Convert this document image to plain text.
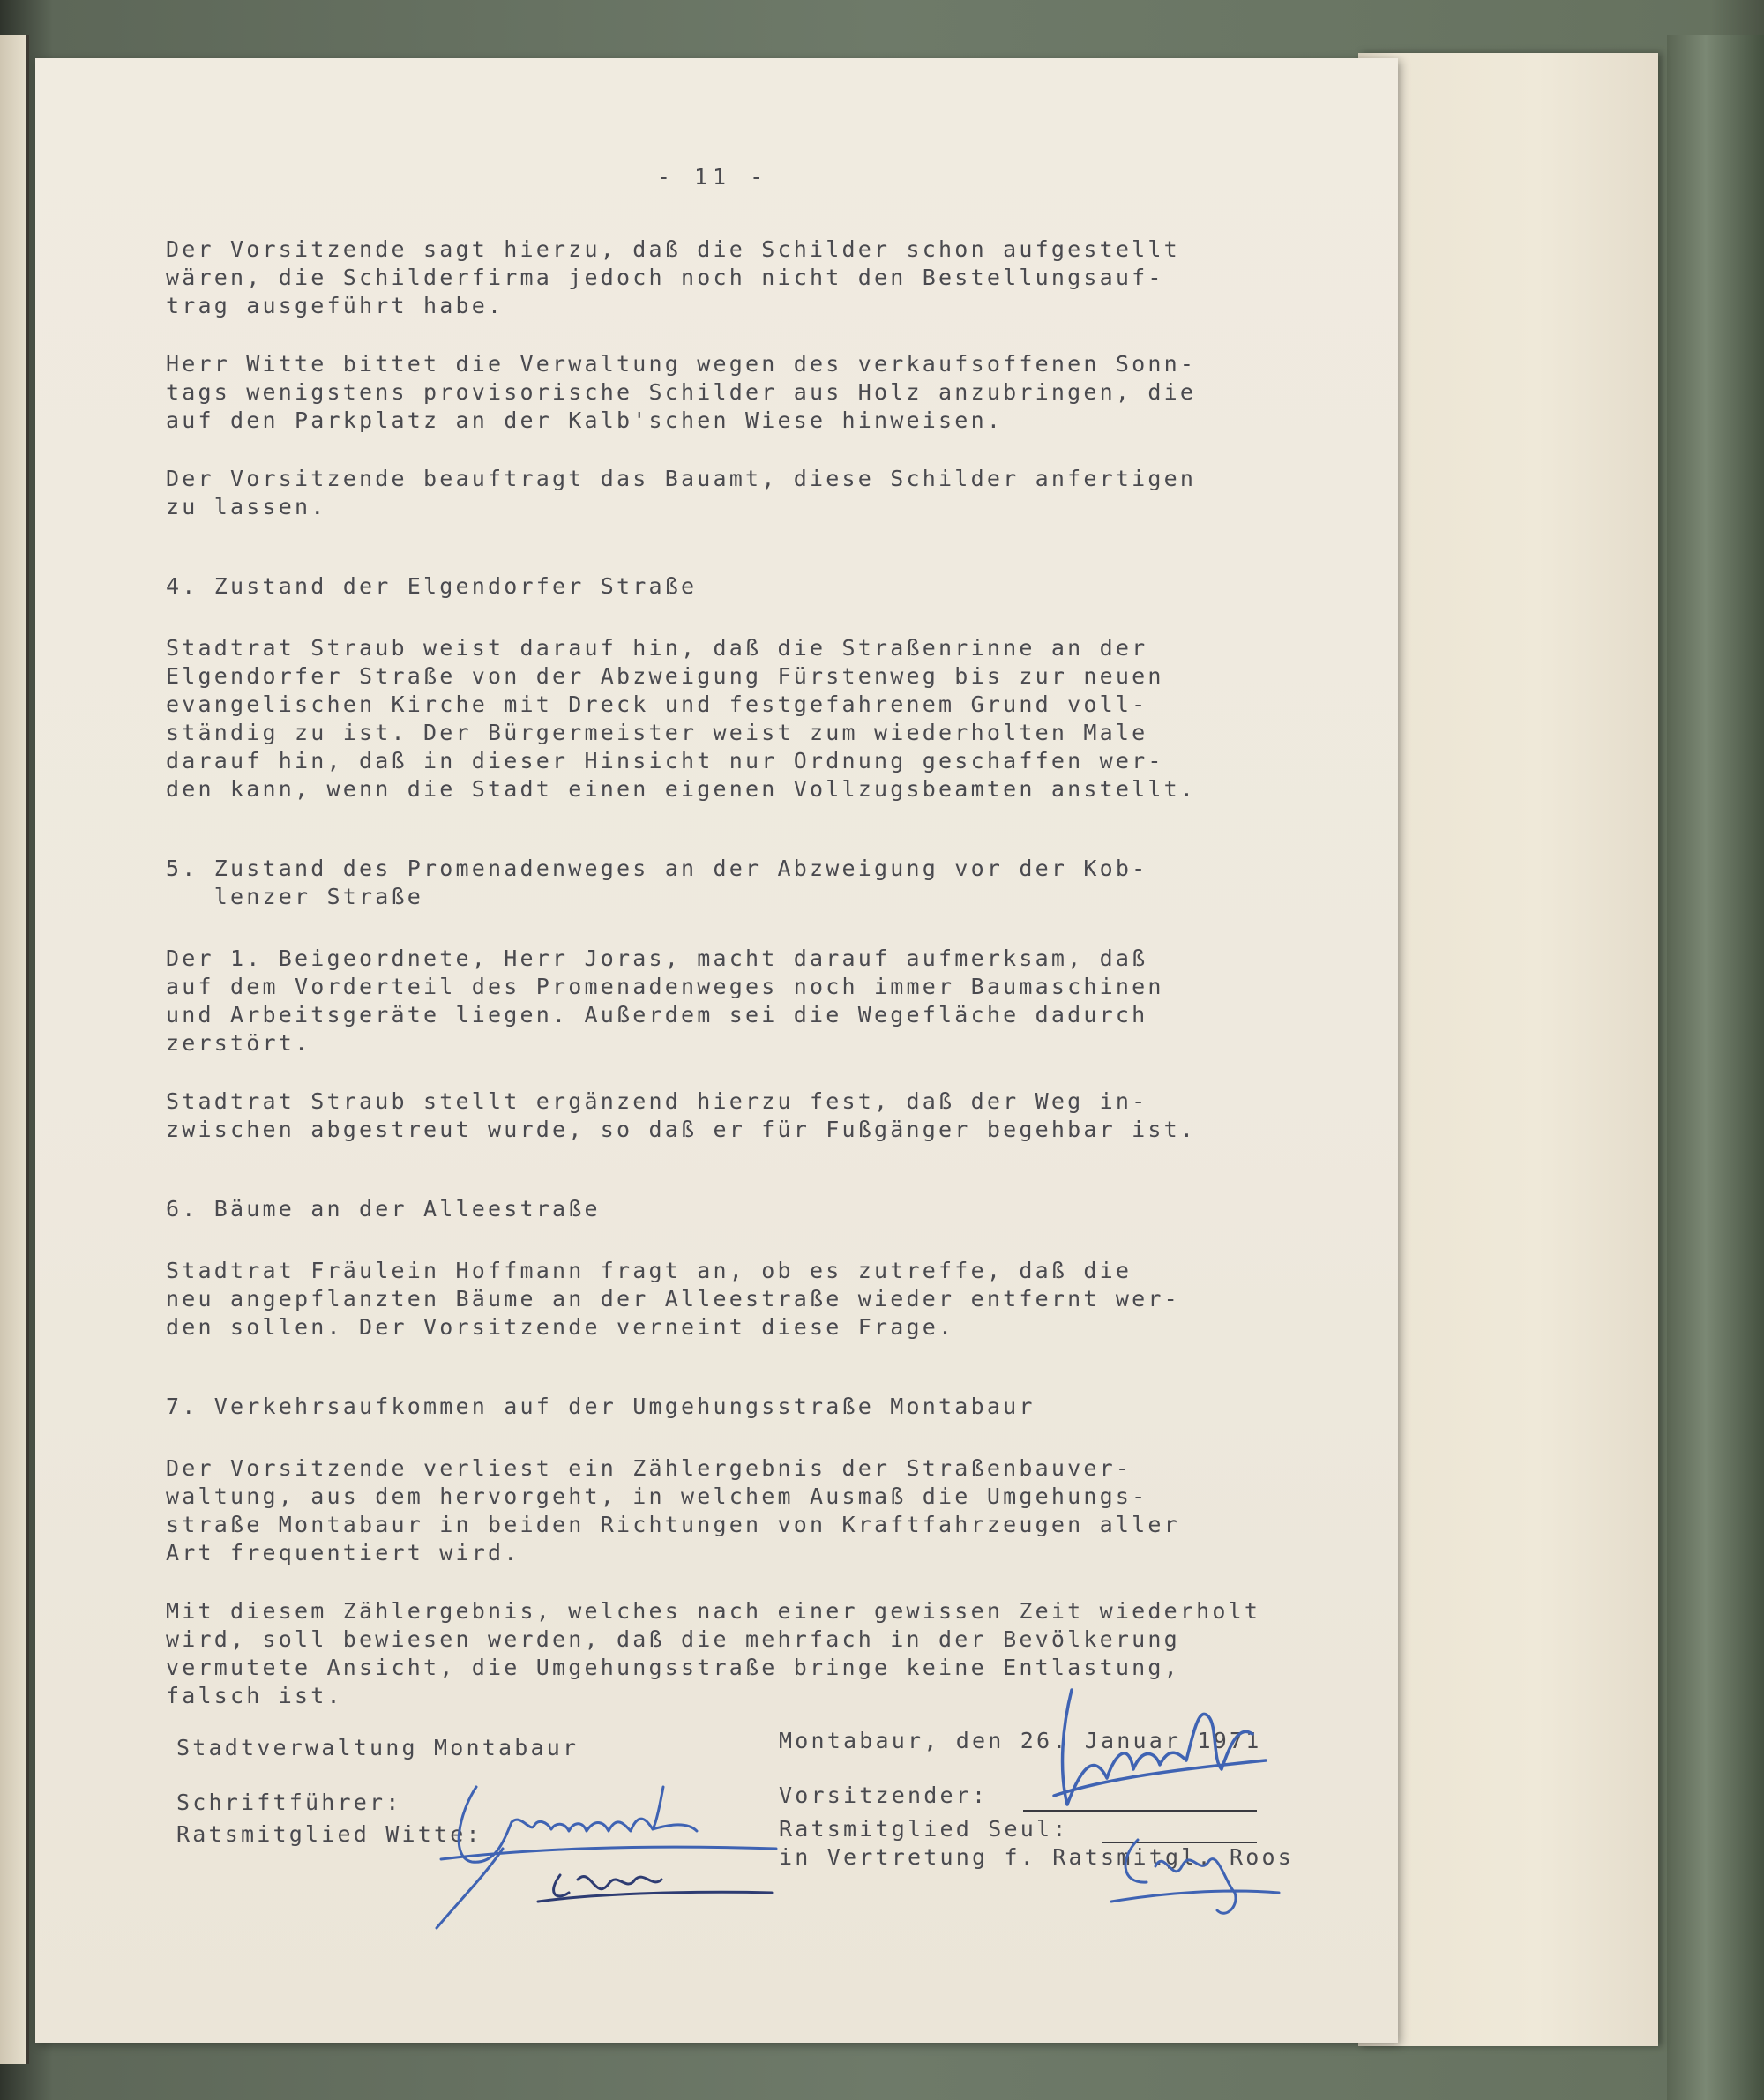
- 11 -
Der Vorsitzende sagt hierzu, daß die Schilder schon aufgestellt
wären, die Schilderfirma jedoch noch nicht den Bestellungsauf-
trag ausgeführt habe.
Herr Witte bittet die Verwaltung wegen des verkaufsoffenen Sonn-
tags wenigstens provisorische Schilder aus Holz anzubringen, die
auf den Parkplatz an der Kalb'schen Wiese hinweisen.
Der Vorsitzende beauftragt das Bauamt, diese Schilder anfertigen
zu lassen.
4. Zustand der Elgendorfer Straße
Stadtrat Straub weist darauf hin, daß die Straßenrinne an der
Elgendorfer Straße von der Abzweigung Fürstenweg bis zur neuen
evangelischen Kirche mit Dreck und festgefahrenem Grund voll-
ständig zu ist. Der Bürgermeister weist zum wiederholten Male
darauf hin, daß in dieser Hinsicht nur Ordnung geschaffen wer-
den kann, wenn die Stadt einen eigenen Vollzugsbeamten anstellt.
5. Zustand des Promenadenweges an der Abzweigung vor der Kob-
lenzer Straße
Der 1. Beigeordnete, Herr Joras, macht darauf aufmerksam, daß
auf dem Vorderteil des Promenadenweges noch immer Baumaschinen
und Arbeitsgeräte liegen. Außerdem sei die Wegefläche dadurch
zerstört.
Stadtrat Straub stellt ergänzend hierzu fest, daß der Weg in-
zwischen abgestreut wurde, so daß er für Fußgänger begehbar ist.
6. Bäume an der Alleestraße
Stadtrat Fräulein Hoffmann fragt an, ob es zutreffe, daß die
neu angepflanzten Bäume an der Alleestraße wieder entfernt wer-
den sollen. Der Vorsitzende verneint diese Frage.
7. Verkehrsaufkommen auf der Umgehungsstraße Montabaur
Der Vorsitzende verliest ein Zählergebnis der Straßenbauver-
waltung, aus dem hervorgeht, in welchem Ausmaß die Umgehungs-
straße Montabaur in beiden Richtungen von Kraftfahrzeugen aller
Art frequentiert wird.
Mit diesem Zählergebnis, welches nach einer gewissen Zeit wiederholt
wird, soll bewiesen werden, daß die mehrfach in der Bevölkerung
vermutete Ansicht, die Umgehungsstraße bringe keine Entlastung,
falsch ist.
Stadtverwaltung Montabaur
Schriftführer:
Ratsmitglied Witte:
Montabaur, den 26. Januar 1971
Vorsitzender:
Ratsmitglied Seul:
in Vertretung f. Ratsmitgl. Roos
